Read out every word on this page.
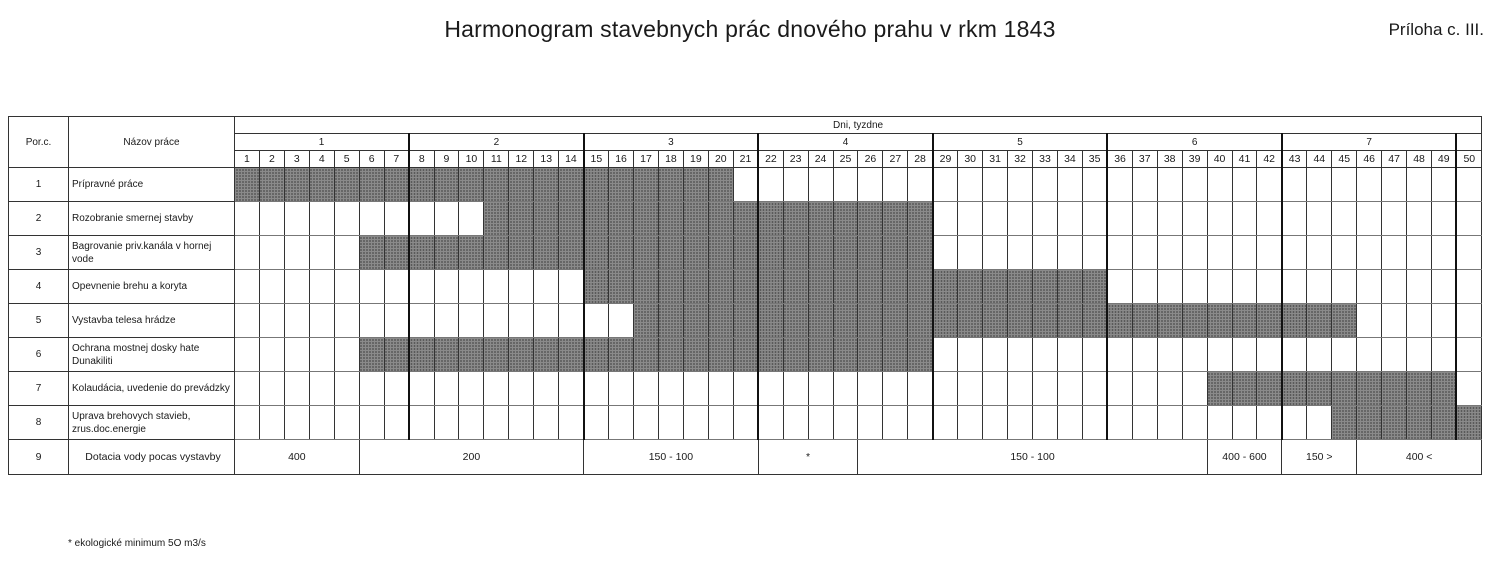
Harmonogram stavebnych prác dnového prahu v rkm 1843	Príloha c. III.
Por.c.	Názov práce	Dni, tyzdne																																																	
		1							2							3							4							5							6							7							
		1	2	3	4	5	6	7	8	9	10	11	12	13	14	15	16	17	18	19	20	21	22	23	24	25	26	27	28	29	30	31	32	33	34	35	36	37	38	39	40	41	42	43	44	45	46	47	48	49	50
1	Prípravné práce																																																		
2	Rozobranie smernej stavby																																																		
3	Bagrovanie priv.kanála v hornej vode																																																		
4	Opevnenie brehu a koryta																																																		
5	Vystavba telesa hrádze																																																		
6	Ochrana mostnej dosky hate Dunakiliti																																																		
7	Kolaudácia, uvedenie do prevádzky																																																		
8	Uprava brehovych stavieb, zrus.doc.energie																																																		
9	Dotacia vody pocas vystavby	400					200									150 - 100							*				150 - 100														400 - 600			150 >			400 <				
* ekologické minimum 5O m3/s
